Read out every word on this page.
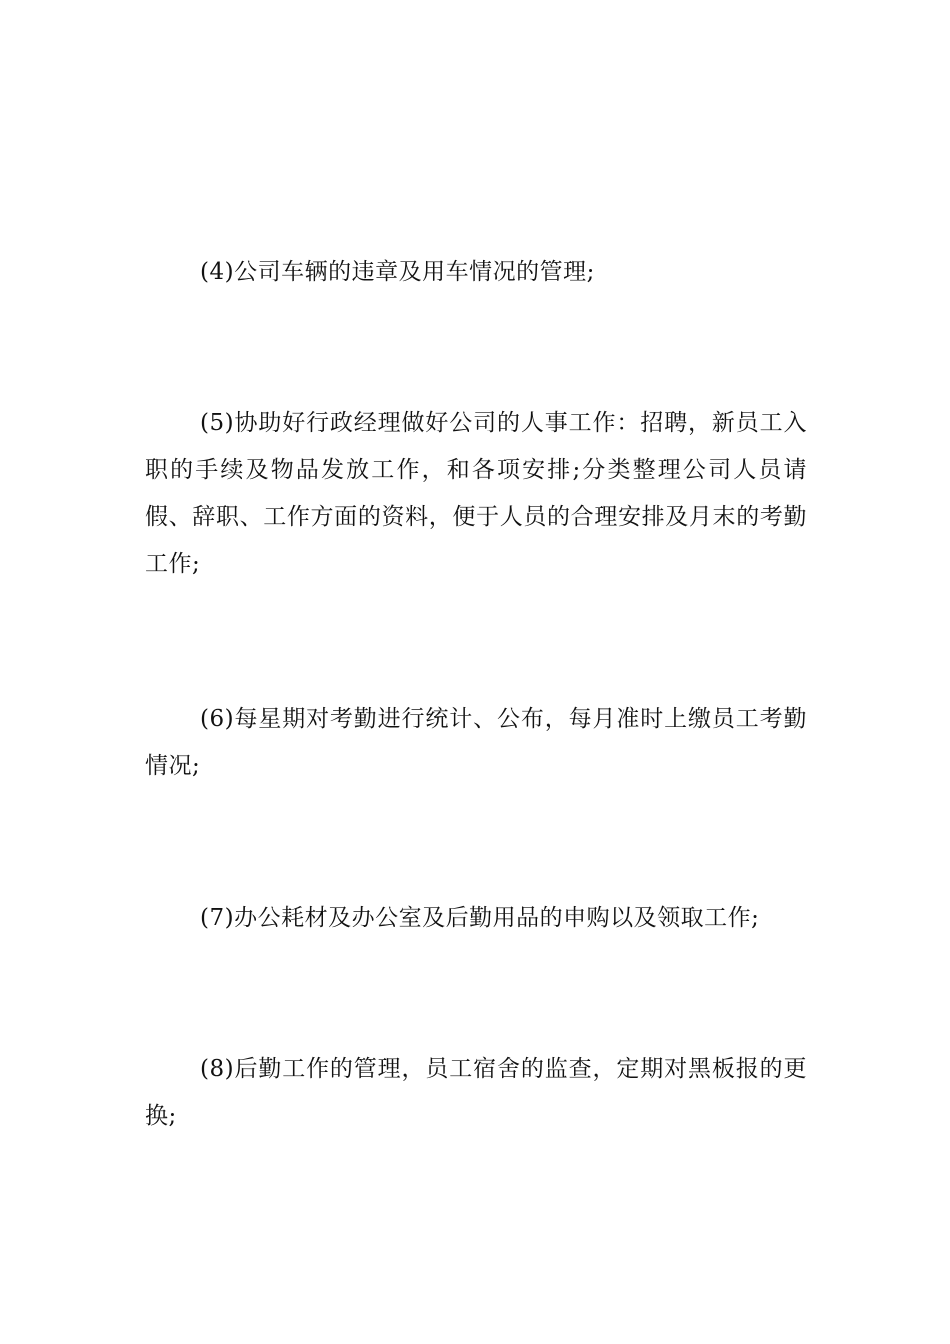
(4)公司车辆的违章及用车情况的管理;

(5)协助好行政经理做好公司的人事工作：招聘，新员工入职的手续及物品发放工作，和各项安排;分类整理公司人员请假、辞职、工作方面的资料，便于人员的合理安排及月末的考勤工作;

(6)每星期对考勤进行统计、公布，每月准时上缴员工考勤情况;

(7)办公耗材及办公室及后勤用品的申购以及领取工作;

(8)后勤工作的管理，员工宿舍的监查，定期对黑板报的更换;
